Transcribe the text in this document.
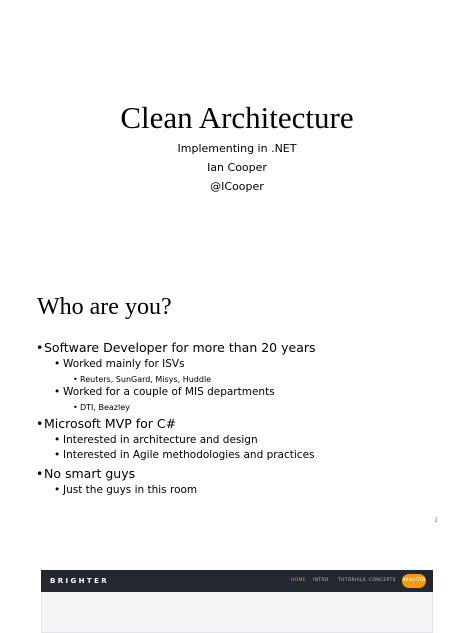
Clean Architecture
Implementing in .NET
Ian Cooper
@ICooper
Who are you?
• Software Developer for more than 20 years
• Worked mainly for ISVs
• Reuters, SunGard, Misys, Huddle
• Worked for a couple of MIS departments
• DTI, Beazley
• Microsoft MVP for C#
• Interested in architecture and design
• Interested in Agile methodologies and practices
• No smart guys
• Just the guys in this room
2
BRIGHTER	HOME INTRO TUTORIALS CONCEPTS BRIGHTER
